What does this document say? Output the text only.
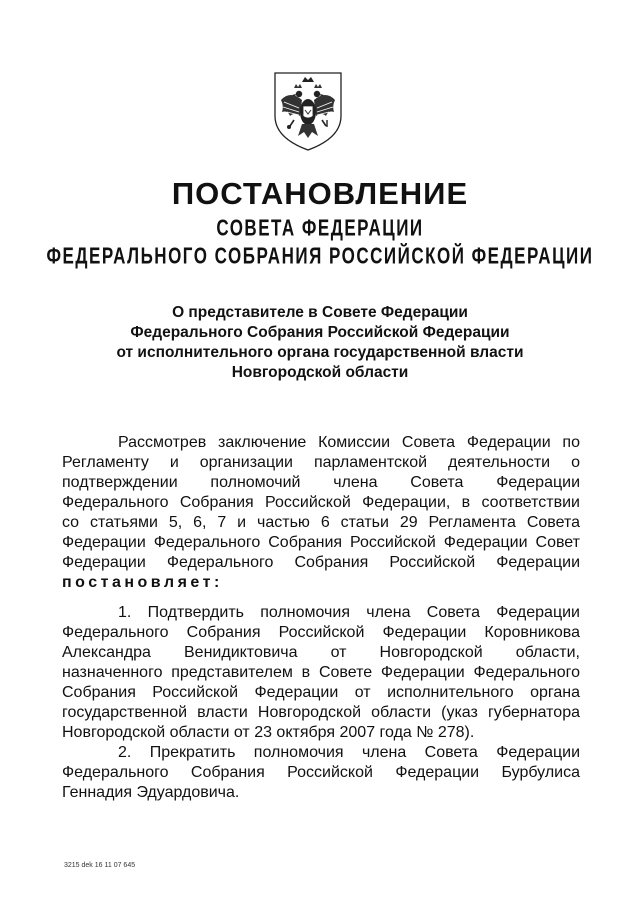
ПОСТАНОВЛЕНИЕ
СОВЕТА ФЕДЕРАЦИИ
ФЕДЕРАЛЬНОГО СОБРАНИЯ РОССИЙСКОЙ ФЕДЕРАЦИИ
О представителе в Совете Федерации
Федерального Собрания Российской Федерации
от исполнительного органа государственной власти
Новгородской области
Рассмотрев заключение Комиссии Совета Федерации по
Регламенту и организации парламентской деятельности о
подтверждении полномочий члена Совета Федерации
Федерального Собрания Российской Федерации, в соответствии
со статьями 5, 6, 7 и частью 6 статьи 29 Регламента Совета
Федерации Федерального Собрания Российской Федерации Совет
Федерации Федерального Собрания Российской Федерации
постановляет:
1. Подтвердить полномочия члена Совета Федерации
Федерального Собрания Российской Федерации Коровникова
Александра Венидиктовича от Новгородской области,
назначенного представителем в Совете Федерации Федерального
Собрания Российской Федерации от исполнительного органа
государственной власти Новгородской области (указ губернатора
Новгородской области от 23 октября 2007 года № 278).
2. Прекратить полномочия члена Совета Федерации
Федерального Собрания Российской Федерации Бурбулиса
Геннадия Эдуардовича.
3215 dek 16 11 07 645
